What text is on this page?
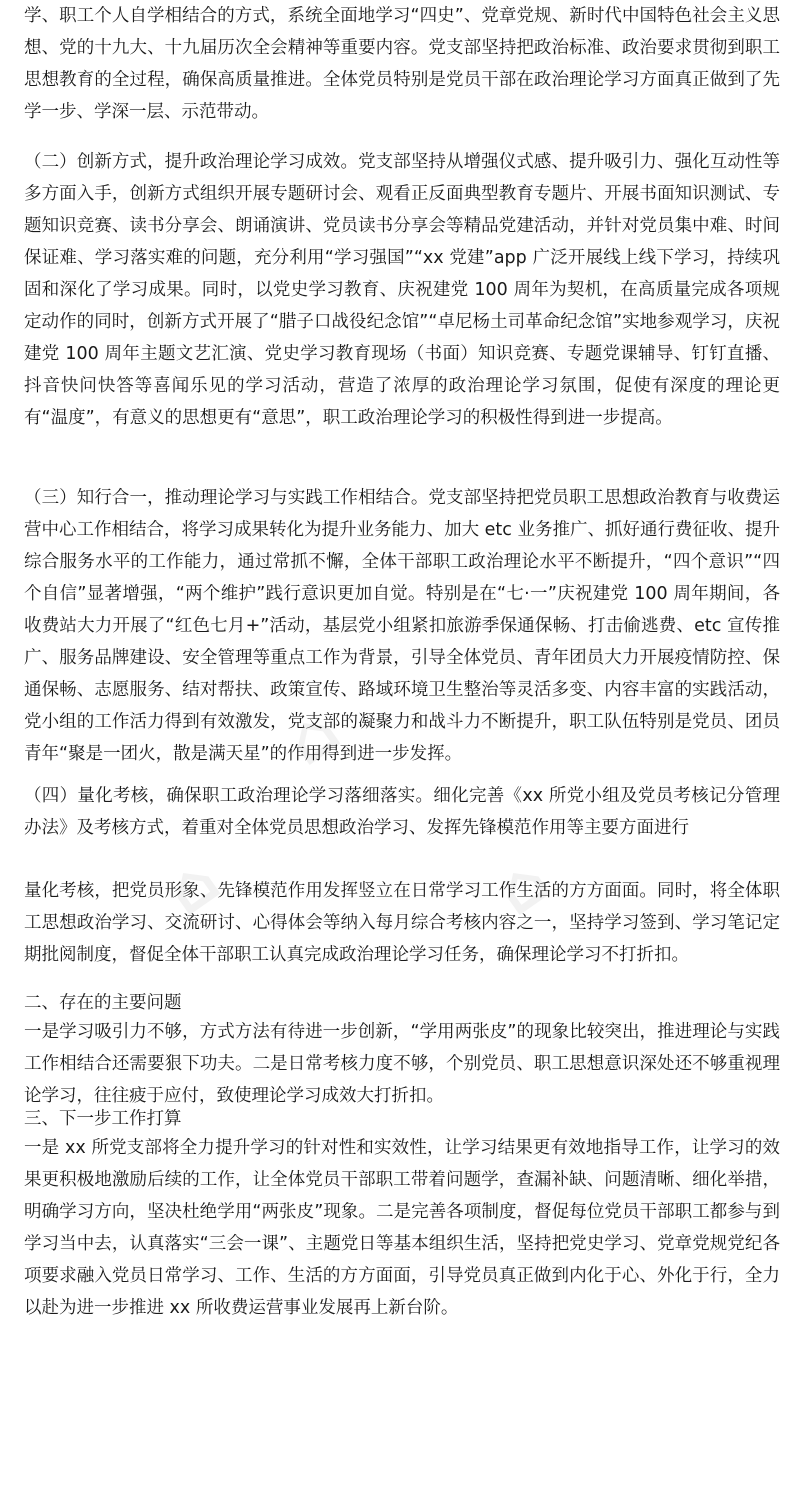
⌂
⌂	⌂

学、职工个人自学相结合的方式，系统全面地学习“四史”、党章党规、新时代中国特色社会主义思想、党的十九大、十九届历次全会精神等重要内容。党支部坚持把政治标准、政治要求贯彻到职工思想教育的全过程，确保高质量推进。全体党员特别是党员干部在政治理论学习方面真正做到了先学一步、学深一层、示范带动。

（二）创新方式，提升政治理论学习成效。党支部坚持从增强仪式感、提升吸引力、强化互动性等多方面入手，创新方式组织开展专题研讨会、观看正反面典型教育专题片、开展书面知识测试、专题知识竞赛、读书分享会、朗诵演讲、党员读书分享会等精品党建活动，并针对党员集中难、时间保证难、学习落实难的问题，充分利用“学习强国”“xx 党建”app 广泛开展线上线下学习，持续巩固和深化了学习成果。同时，以党史学习教育、庆祝建党 100 周年为契机，在高质量完成各项规定动作的同时，创新方式开展了“腊子口战役纪念馆”“卓尼杨土司革命纪念馆”实地参观学习，庆祝建党 100 周年主题文艺汇演、党史学习教育现场（书面）知识竞赛、专题党课辅导、钉钉直播、抖音快问快答等喜闻乐见的学习活动，营造了浓厚的政治理论学习氛围，促使有深度的理论更有“温度”，有意义的思想更有“意思”，职工政治理论学习的积极性得到进一步提高。

（三）知行合一，推动理论学习与实践工作相结合。党支部坚持把党员职工思想政治教育与收费运营中心工作相结合，将学习成果转化为提升业务能力、加大 etc 业务推广、抓好通行费征收、提升综合服务水平的工作能力，通过常抓不懈，全体干部职工政治理论水平不断提升，“四个意识”“四个自信”显著增强，“两个维护”践行意识更加自觉。特别是在“七·一”庆祝建党 100 周年期间，各收费站大力开展了“红色七月+”活动，基层党小组紧扣旅游季保通保畅、打击偷逃费、etc 宣传推广、服务品牌建设、安全管理等重点工作为背景，引导全体党员、青年团员大力开展疫情防控、保通保畅、志愿服务、结对帮扶、政策宣传、路域环境卫生整治等灵活多变、内容丰富的实践活动，党小组的工作活力得到有效激发，党支部的凝聚力和战斗力不断提升，职工队伍特别是党员、团员青年“聚是一团火，散是满天星”的作用得到进一步发挥。

（四）量化考核，确保职工政治理论学习落细落实。细化完善《xx 所党小组及党员考核记分管理办法》及考核方式，着重对全体党员思想政治学习、发挥先锋模范作用等主要方面进行

量化考核，把党员形象、先锋模范作用发挥竖立在日常学习工作生活的方方面面。同时，将全体职工思想政治学习、交流研讨、心得体会等纳入每月综合考核内容之一，坚持学习签到、学习笔记定期批阅制度，督促全体干部职工认真完成政治理论学习任务，确保理论学习不打折扣。

二、存在的主要问题

一是学习吸引力不够，方式方法有待进一步创新，“学用两张皮”的现象比较突出，推进理论与实践工作相结合还需要狠下功夫。二是日常考核力度不够，个别党员、职工思想意识深处还不够重视理论学习，往往疲于应付，致使理论学习成效大打折扣。

三、下一步工作打算

一是 xx 所党支部将全力提升学习的针对性和实效性，让学习结果更有效地指导工作，让学习的效果更积极地激励后续的工作，让全体党员干部职工带着问题学，查漏补缺、问题清晰、细化举措，明确学习方向，坚决杜绝学用“两张皮”现象。二是完善各项制度，督促每位党员干部职工都参与到学习当中去，认真落实“三会一课”、主题党日等基本组织生活，坚持把党史学习、党章党规党纪各项要求融入党员日常学习、工作、生活的方方面面，引导党员真正做到内化于心、外化于行，全力以赴为进一步推进 xx 所收费运营事业发展再上新台阶。
